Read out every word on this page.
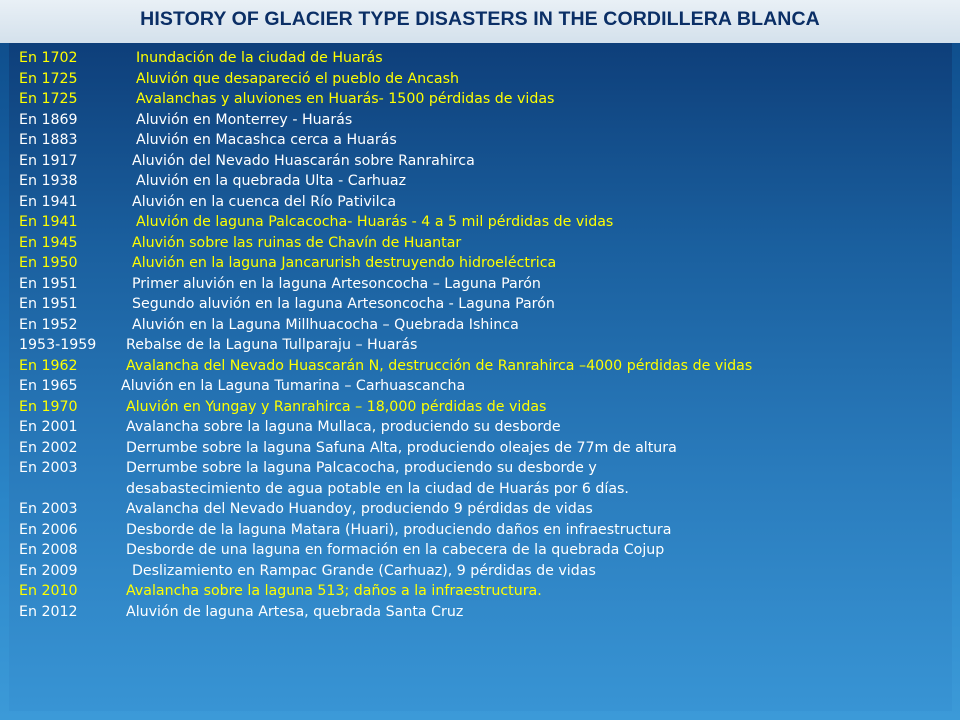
HISTORY OF GLACIER TYPE DISASTERS IN THE CORDILLERA BLANCA
En 1702	Inundación de la ciudad de Huarás
En 1725	Aluvión que desapareció el pueblo de Ancash
En 1725	Avalanchas y aluviones en Huarás- 1500 pérdidas de vidas
En 1869	Aluvión en Monterrey - Huarás
En 1883	Aluvión en Macashca cerca a Huarás
En 1917	Aluvión del Nevado Huascarán sobre Ranrahirca
En 1938	Aluvión en la quebrada Ulta - Carhuaz
En 1941	Aluvión en la cuenca del Río Pativilca
En 1941	Aluvión de laguna Palcacocha- Huarás - 4 a 5 mil pérdidas de vidas
En 1945	Aluvión sobre las ruinas de Chavín de Huantar
En 1950	Aluvión en la laguna Jancarurish destruyendo hidroeléctrica
En 1951	Primer aluvión en la laguna Artesoncocha – Laguna Parón
En 1951	Segundo aluvión en la laguna Artesoncocha - Laguna Parón
En 1952	Aluvión en la Laguna Millhuacocha – Quebrada Ishinca
1953-1959 Rebalse de la Laguna Tullparaju – Huarás
En 1962	Avalancha del Nevado Huascarán N, destrucción de Ranrahirca –4000 pérdidas de vidas
En 1965	Aluvión en la Laguna Tumarina – Carhuascancha
En 1970	Aluvión en Yungay y Ranrahirca – 18,000 pérdidas de vidas
En 2001	Avalancha sobre la laguna Mullaca, produciendo su desborde
En 2002	Derrumbe sobre la laguna Safuna Alta, produciendo oleajes de 77m de altura
En 2003	Derrumbe sobre la laguna Palcacocha, produciendo su desborde y
desabastecimiento de agua potable en la ciudad de Huarás por 6 días.
En 2003	Avalancha del Nevado Huandoy, produciendo 9 pérdidas de vidas
En 2006	Desborde de la laguna Matara (Huari), produciendo daños en infraestructura
En 2008	Desborde de una laguna en formación en la cabecera de la quebrada Cojup
En 2009	Deslizamiento en Rampac Grande (Carhuaz), 9 pérdidas de vidas
En 2010	Avalancha sobre la laguna 513; daños a la infraestructura.
En 2012	Aluvión de laguna Artesa, quebrada Santa Cruz
